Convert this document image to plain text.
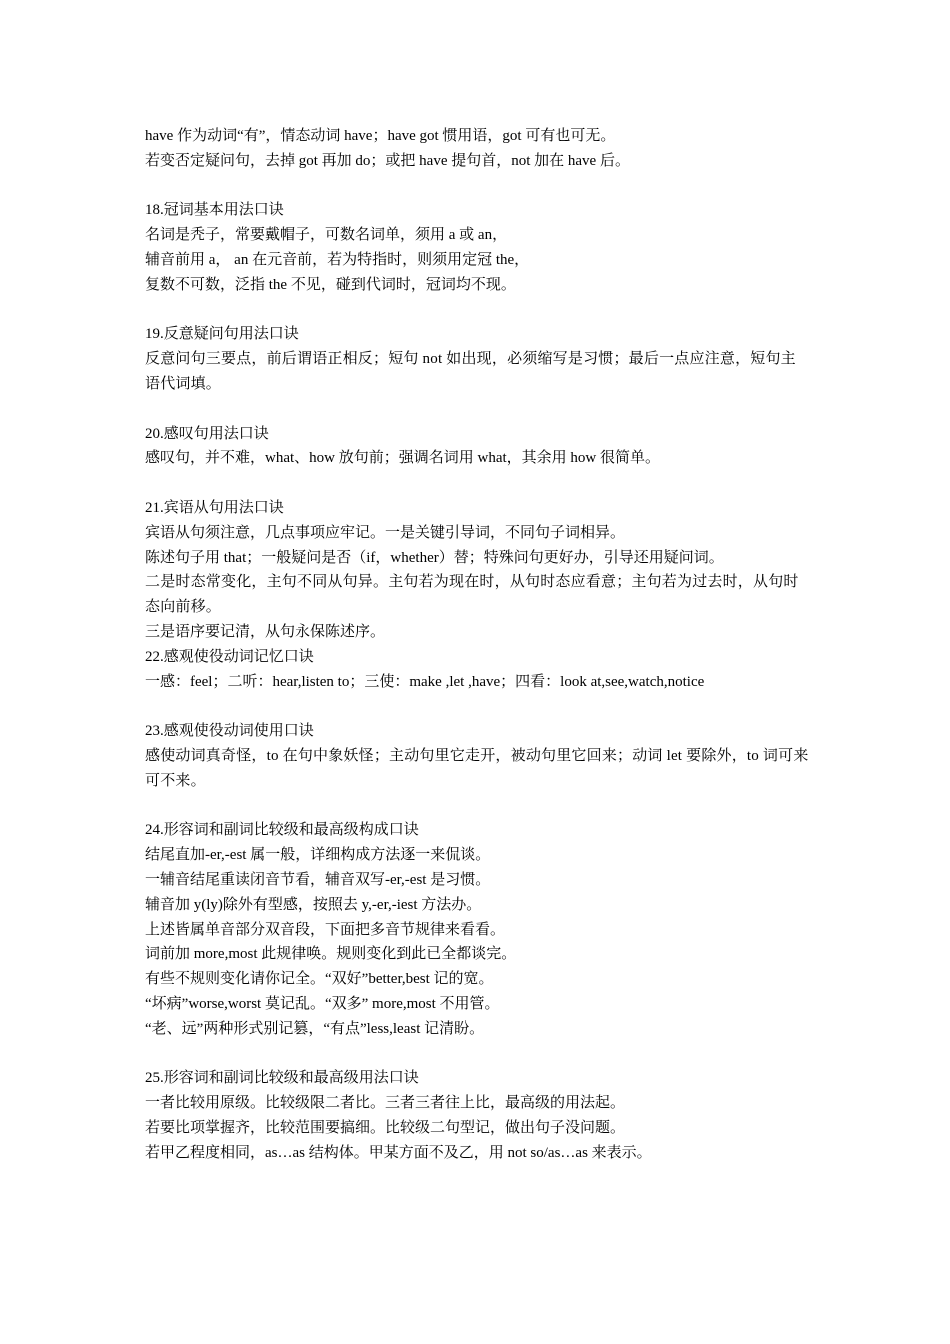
have 作为动词“有”，情态动词 have；have got 惯用语，got 可有也可无。

若变否定疑问句，去掉 got 再加 do；或把 have 提句首，not 加在 have 后。

18.冠词基本用法口诀

名词是秃子，常要戴帽子，可数名词单，须用 a 或 an，

辅音前用 a， an 在元音前，若为特指时，则须用定冠 the，

复数不可数，泛指 the 不见，碰到代词时，冠词均不现。

19.反意疑问句用法口诀

反意问句三要点，前后谓语正相反；短句 not 如出现，必须缩写是习惯；最后一点应注意，短句主语代词填。

20.感叹句用法口诀

感叹句，并不难，what、how 放句前；强调名词用 what，其余用 how 很简单。

21.宾语从句用法口诀

宾语从句须注意，几点事项应牢记。一是关键引导词，不同句子词相异。

陈述句子用 that；一般疑问是否（if，whether）替；特殊问句更好办，引导还用疑问词。

二是时态常变化，主句不同从句异。主句若为现在时，从句时态应看意；主句若为过去时，从句时态向前移。

三是语序要记清，从句永保陈述序。

22.感观使役动词记忆口诀

一感：feel；二听：hear,listen to；三使：make ,let ,have；四看：look at,see,watch,notice

23.感观使役动词使用口诀

感使动词真奇怪，to 在句中象妖怪；主动句里它走开，被动句里它回来；动词 let 要除外，to 词可来可不来。

24.形容词和副词比较级和最高级构成口诀

结尾直加-er,-est 属一般，详细构成方法逐一来侃谈。

一辅音结尾重读闭音节看，辅音双写-er,-est 是习惯。

辅音加 y(ly)除外有型感，按照去 y,-er,-iest 方法办。

上述皆属单音部分双音段，下面把多音节规律来看看。

词前加 more,most 此规律唤。规则变化到此已全都谈完。

有些不规则变化请你记全。“双好”better,best 记的宽。

“坏病”worse,worst 莫记乱。“双多” more,most 不用管。

“老、远”两种形式别记篡，“有点”less,least 记清盼。

25.形容词和副词比较级和最高级用法口诀

一者比较用原级。比较级限二者比。三者三者往上比，最高级的用法起。

若要比项掌握齐，比较范围要搞细。比较级二句型记，做出句子没问题。

若甲乙程度相同，as…as 结构体。甲某方面不及乙，用 not so/as…as 来表示。
